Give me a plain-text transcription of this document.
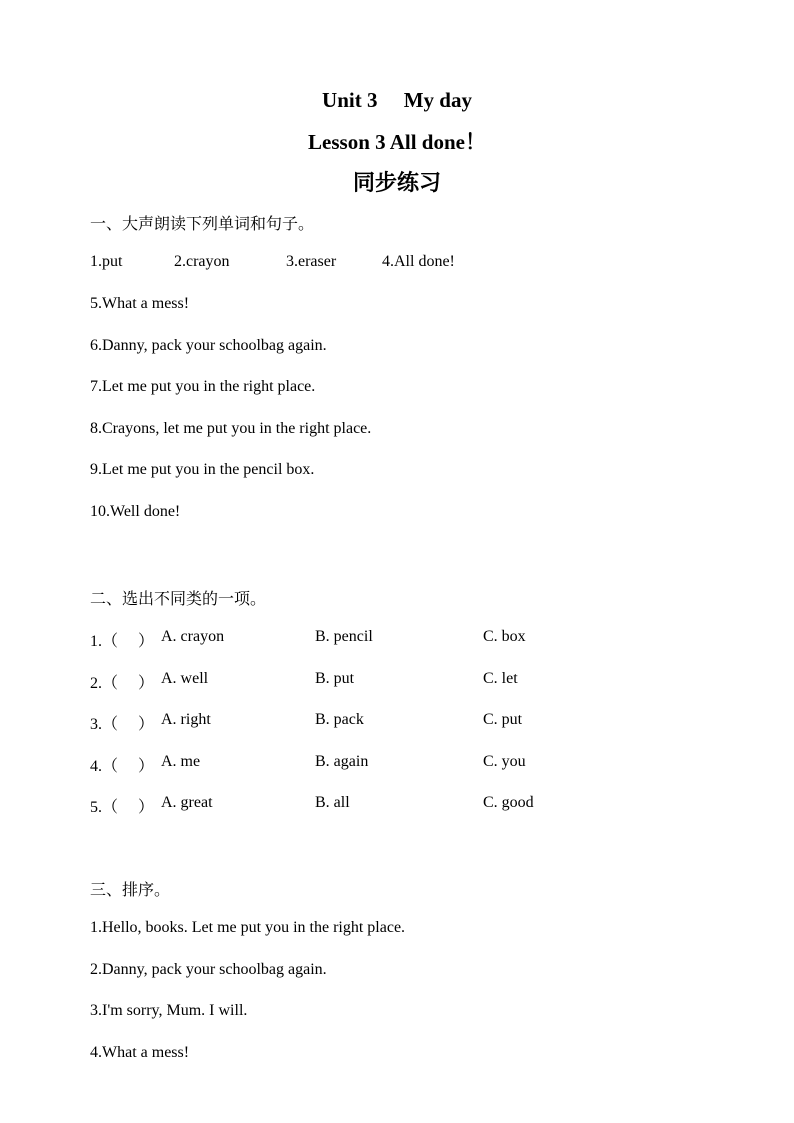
Unit 3　 My day
Lesson 3 All done！
同步练习
一、大声朗读下列单词和句子。
1.put	2.crayon	3.eraser	4.All done!
5.What a mess!
6.Danny, pack your schoolbag again.
7.Let me put you in the right place.
8.Crayons, let me put you in the right place.
9.Let me put you in the pencil box.
10.Well done!
二、选出不同类的一项。
1.（　 ） A. crayon	B. pencil	C. box
2.（　 ） A. well	B. put	C. let
3.（　 ） A. right	B. pack	C. put
4.（　 ） A. me	B. again	C. you
5.（　 ） A. great	B. all	C. good
三、排序。
1.Hello, books. Let me put you in the right place.
2.Danny, pack your schoolbag again.
3.I'm sorry, Mum. I will.
4.What a mess!
